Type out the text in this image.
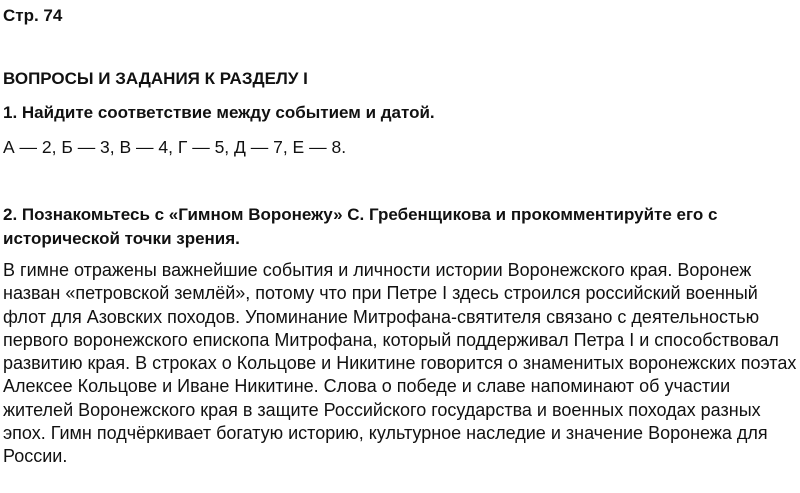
Стр. 74
ВОПРОСЫ И ЗАДАНИЯ К РАЗДЕЛУ I
1. Найдите соответствие между событием и датой.
А — 2, Б — 3, В — 4, Г — 5, Д — 7, Е — 8.
2. Познакомьтесь с «Гимном Воронежу» С. Гребенщикова и прокомментируйте его с исторической точки зрения.
В гимне отражены важнейшие события и личности истории Воронежского края. Воронеж назван «петровской землёй», потому что при Петре I здесь строился российский военный флот для Азовских походов. Упоминание Митрофана-святителя связано с деятельностью первого воронежского епископа Митрофана, который поддерживал Петра I и способствовал развитию края. В строках о Кольцове и Никитине говорится о знаменитых воронежских поэтах Алексее Кольцове и Иване Никитине. Слова о победе и славе напоминают об участии жителей Воронежского края в защите Российского государства и военных походах разных эпох. Гимн подчёркивает богатую историю, культурное наследие и значение Воронежа для России.
